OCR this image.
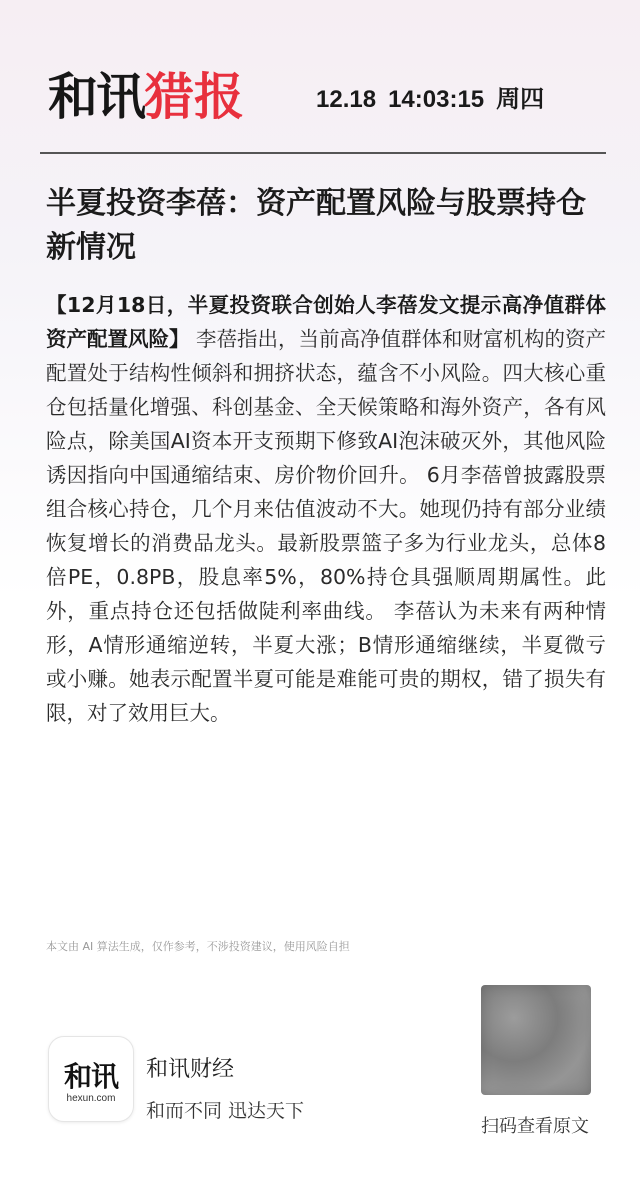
和讯猎报	12.18 14:03:15 周四
半夏投资李蓓：资产配置风险与股票持仓新情况

【12月18日，半夏投资联合创始人李蓓发文提示高净值群体资产配置风险】 李蓓指出，当前高净值群体和财富机构的资产配置处于结构性倾斜和拥挤状态，蕴含不小风险。四大核心重仓包括量化增强、科创基金、全天候策略和海外资产，各有风险点，除美国AI资本开支预期下修致AI泡沫破灭外，其他风险诱因指向中国通缩结束、房价物价回升。 6月李蓓曾披露股票组合核心持仓，几个月来估值波动不大。她现仍持有部分业绩恢复增长的消费品龙头。最新股票篮子多为行业龙头，总体8倍PE，0.8PB，股息率5%，80%持仓具强顺周期属性。此外，重点持仓还包括做陡利率曲线。 李蓓认为未来有两种情形，A情形通缩逆转，半夏大涨；B情形通缩继续，半夏微亏或小赚。她表示配置半夏可能是难能可贵的期权，错了损失有限，对了效用巨大。

本文由 AI 算法生成，仅作参考，不涉投资建议，使用风险自担
和讯
hexun.com
和讯财经
和而不同 迅达天下
扫码查看原文
